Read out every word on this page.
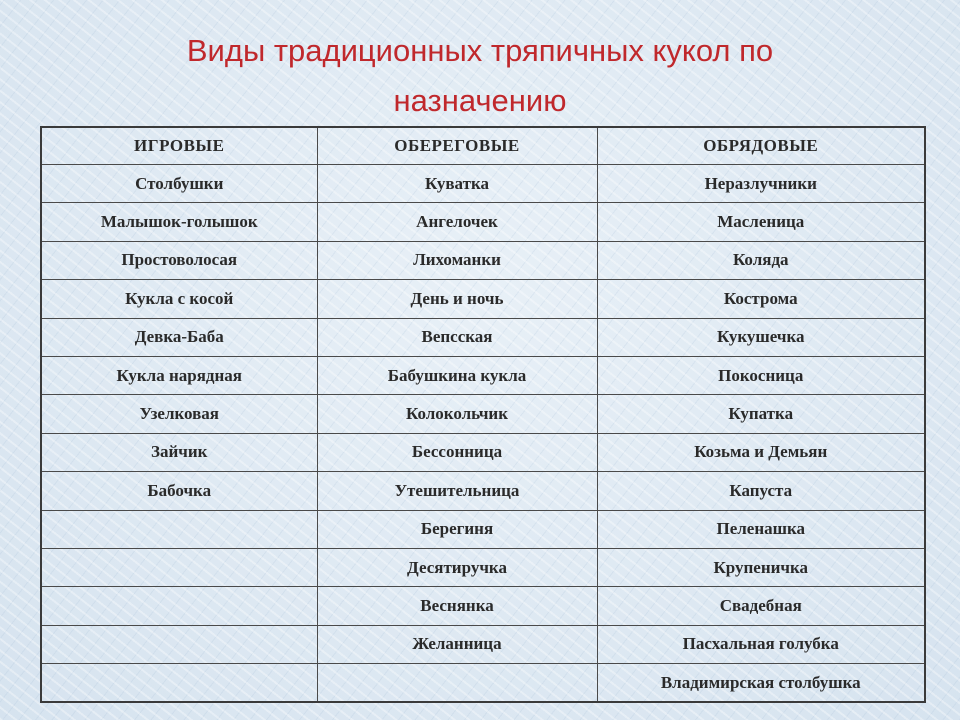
Виды традиционных тряпичных кукол по
назначению
ИГРОВЫЕ	ОБЕРЕГОВЫЕ	ОБРЯДОВЫЕ
Столбушки	Куватка	Неразлучники
Малышок-голышок	Ангелочек	Масленица
Простоволосая	Лихоманки	Коляда
Кукла с косой	День и ночь	Кострома
Девка-Баба	Вепсская	Кукушечка
Кукла нарядная	Бабушкина кукла	Покосница
Узелковая	Колокольчик	Купатка
Зайчик	Бессонница	Козьма и Демьян
Бабочка	Утешительница	Капуста
	Берегиня	Пеленашка
	Десятиручка	Крупеничка
	Веснянка	Свадебная
	Желанница	Пасхальная голубка
		Владимирская столбушка
